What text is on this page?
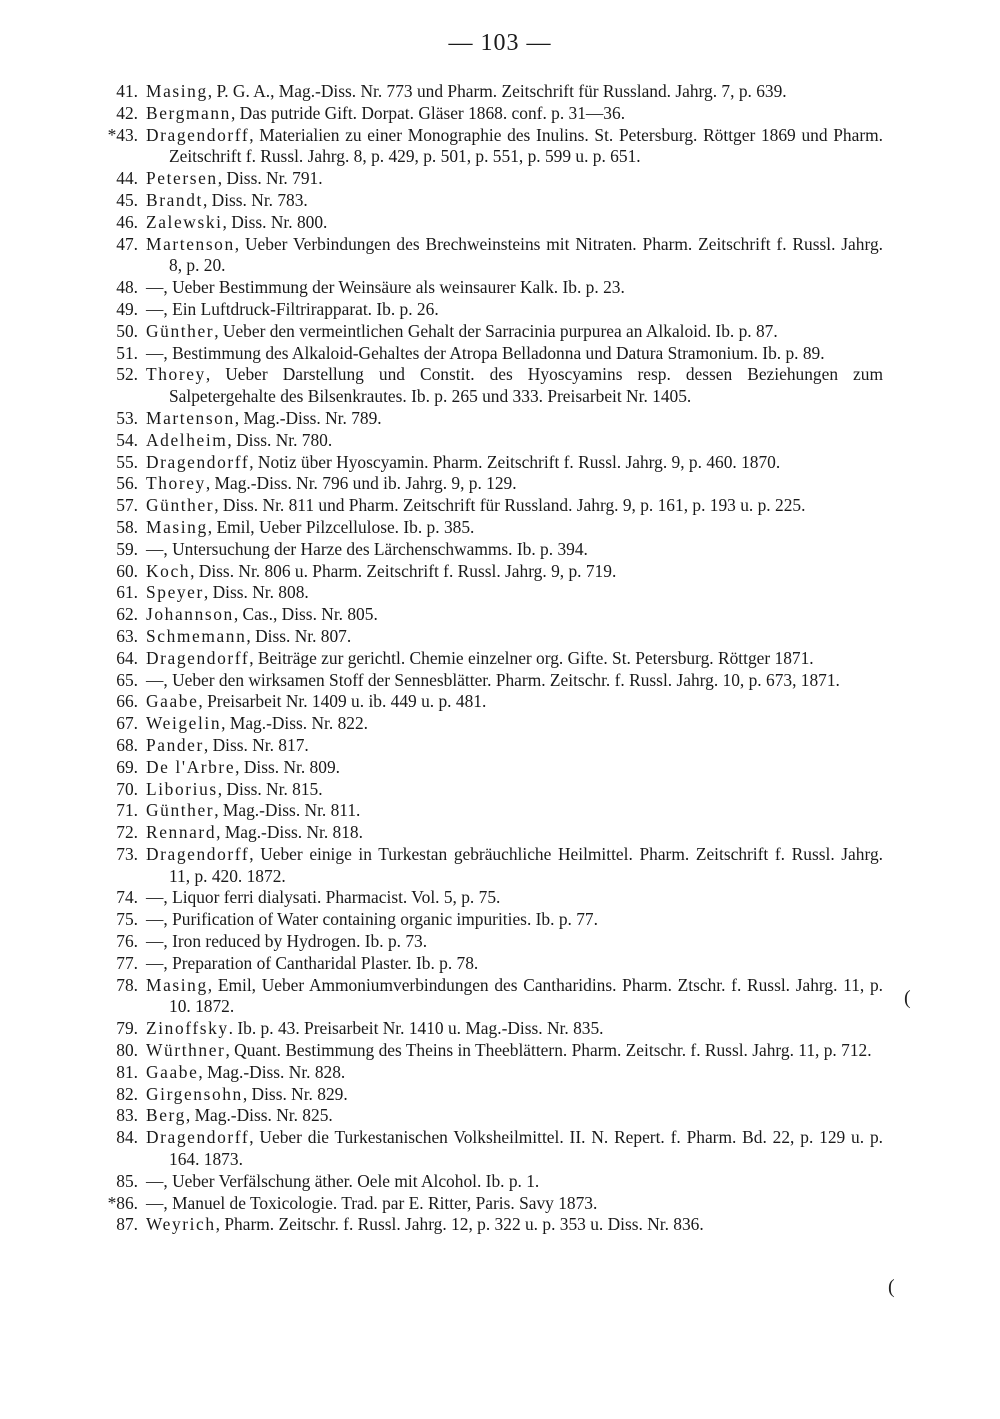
— 103 —
41. Masing, P. G. A., Mag.-Diss. Nr. 773 und Pharm. Zeitschrift für Russland. Jahrg. 7, p. 639.
42. Bergmann, Das putride Gift. Dorpat. Gläser 1868. conf. p. 31—36.
*43. Dragendorff, Materialien zu einer Monographie des Inulins. St. Petersburg. Röttger 1869 und Pharm. Zeitschrift f. Russl. Jahrg. 8, p. 429, p. 501, p. 551, p. 599 u. p. 651.
44. Petersen, Diss. Nr. 791.
45. Brandt, Diss. Nr. 783.
46. Zalewski, Diss. Nr. 800.
47. Martenson, Ueber Verbindungen des Brechweinsteins mit Nitraten. Pharm. Zeitschrift f. Russl. Jahrg. 8, p. 20.
48. —, Ueber Bestimmung der Weinsäure als weinsaurer Kalk. Ib. p. 23.
49. —, Ein Luftdruck-Filtrirapparat. Ib. p. 26.
50. Günther, Ueber den vermeintlichen Gehalt der Sarracinia purpurea an Alkaloid. Ib. p. 87.
51. —, Bestimmung des Alkaloid-Gehaltes der Atropa Belladonna und Datura Stramonium. Ib. p. 89.
52. Thorey, Ueber Darstellung und Constit. des Hyoscyamins resp. dessen Beziehungen zum Salpetergehalte des Bilsenkrautes. Ib. p. 265 und 333. Preisarbeit Nr. 1405.
53. Martenson, Mag.-Diss. Nr. 789.
54. Adelheim, Diss. Nr. 780.
55. Dragendorff, Notiz über Hyoscyamin. Pharm. Zeitschrift f. Russl. Jahrg. 9, p. 460. 1870.
56. Thorey, Mag.-Diss. Nr. 796 und ib. Jahrg. 9, p. 129.
57. Günther, Diss. Nr. 811 und Pharm. Zeitschrift für Russland. Jahrg. 9, p. 161, p. 193 u. p. 225.
58. Masing, Emil, Ueber Pilzcellulose. Ib. p. 385.
59. —, Untersuchung der Harze des Lärchenschwamms. Ib. p. 394.
60. Koch, Diss. Nr. 806 u. Pharm. Zeitschrift f. Russl. Jahrg. 9, p. 719.
61. Speyer, Diss. Nr. 808.
62. Johannson, Cas., Diss. Nr. 805.
63. Schmemann, Diss. Nr. 807.
64. Dragendorff, Beiträge zur gerichtl. Chemie einzelner org. Gifte. St. Petersburg. Röttger 1871.
65. —, Ueber den wirksamen Stoff der Sennesblätter. Pharm. Zeitschr. f. Russl. Jahrg. 10, p. 673, 1871.
66. Gaabe, Preisarbeit Nr. 1409 u. ib. 449 u. p. 481.
67. Weigelin, Mag.-Diss. Nr. 822.
68. Pander, Diss. Nr. 817.
69. De l'Arbre, Diss. Nr. 809.
70. Liborius, Diss. Nr. 815.
71. Günther, Mag.-Diss. Nr. 811.
72. Rennard, Mag.-Diss. Nr. 818.
73. Dragendorff, Ueber einige in Turkestan gebräuchliche Heilmittel. Pharm. Zeitschrift f. Russl. Jahrg. 11, p. 420. 1872.
74. —, Liquor ferri dialysati. Pharmacist. Vol. 5, p. 75.
75. —, Purification of Water containing organic impurities. Ib. p. 77.
76. —, Iron reduced by Hydrogen. Ib. p. 73.
77. —, Preparation of Cantharidal Plaster. Ib. p. 78.
78. Masing, Emil, Ueber Ammoniumverbindungen des Cantharidins. Pharm. Ztschr. f. Russl. Jahrg. 11, p. 10. 1872.
79. Zinoffsky. Ib. p. 43. Preisarbeit Nr. 1410 u. Mag.-Diss. Nr. 835.
80. Würthner, Quant. Bestimmung des Theins in Theeblättern. Pharm. Zeitschr. f. Russl. Jahrg. 11, p. 712.
81. Gaabe, Mag.-Diss. Nr. 828.
82. Girgensohn, Diss. Nr. 829.
83. Berg, Mag.-Diss. Nr. 825.
84. Dragendorff, Ueber die Turkestanischen Volksheilmittel. II. N. Repert. f. Pharm. Bd. 22, p. 129 u. p. 164. 1873.
85. —, Ueber Verfälschung äther. Oele mit Alcohol. Ib. p. 1.
*86. —, Manuel de Toxicologie. Trad. par E. Ritter, Paris. Savy 1873.
87. Weyrich, Pharm. Zeitschr. f. Russl. Jahrg. 12, p. 322 u. p. 353 u. Diss. Nr. 836.
(
(
